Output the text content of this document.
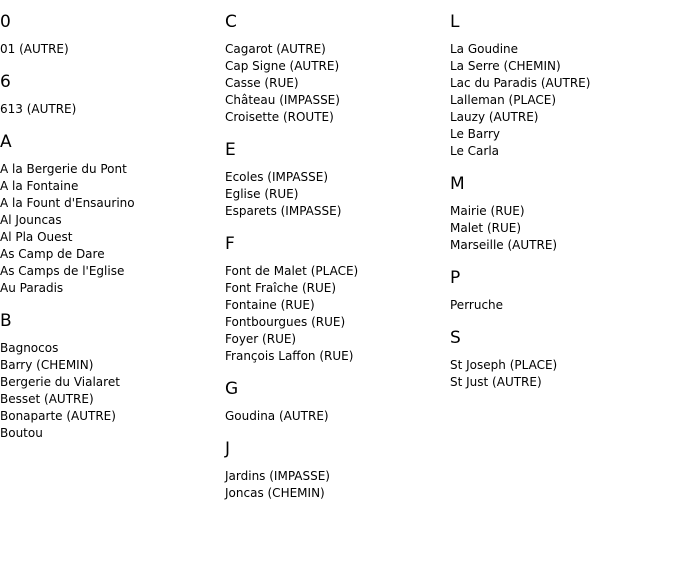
0
01 (AUTRE)
6
613 (AUTRE)
A
A la Bergerie du Pont
A la Fontaine
A la Fount d'Ensaurino
Al Jouncas
Al Pla Ouest
As Camp de Dare
As Camps de l'Eglise
Au Paradis
B
Bagnocos
Barry (CHEMIN)
Bergerie du Vialaret
Besset (AUTRE)
Bonaparte (AUTRE)
Boutou
C
Cagarot (AUTRE)
Cap Signe (AUTRE)
Casse (RUE)
Château (IMPASSE)
Croisette (ROUTE)
E
Ecoles (IMPASSE)
Eglise (RUE)
Esparets (IMPASSE)
F
Font de Malet (PLACE)
Font Fraîche (RUE)
Fontaine (RUE)
Fontbourgues (RUE)
Foyer (RUE)
François Laffon (RUE)
G
Goudina (AUTRE)
J
Jardins (IMPASSE)
Joncas (CHEMIN)
L
La Goudine
La Serre (CHEMIN)
Lac du Paradis (AUTRE)
Lalleman (PLACE)
Lauzy (AUTRE)
Le Barry
Le Carla
M
Mairie (RUE)
Malet (RUE)
Marseille (AUTRE)
P
Perruche
S
St Joseph (PLACE)
St Just (AUTRE)
